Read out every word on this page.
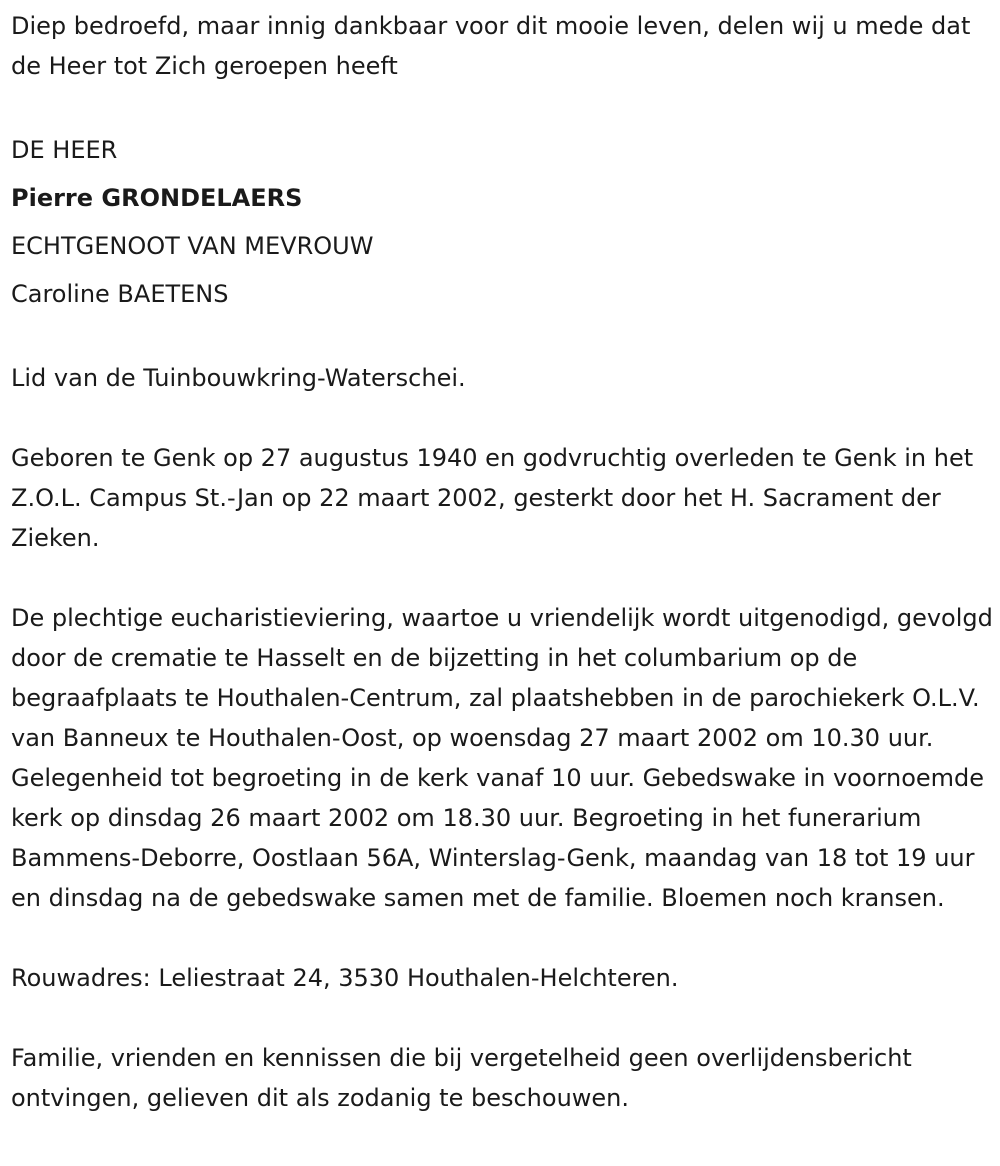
Diep bedroefd, maar innig dankbaar voor dit mooie leven, delen wij u mede dat de Heer tot Zich geroepen heeft

DE HEER

Pierre GRONDELAERS

ECHTGENOOT VAN MEVROUW

Caroline BAETENS

Lid van de Tuinbouwkring-Waterschei.

Geboren te Genk op 27 augustus 1940 en godvruchtig overleden te Genk in het Z.O.L. Campus St.-Jan op 22 maart 2002, gesterkt door het H. Sacrament der Zieken.

De plechtige eucharistieviering, waartoe u vriendelijk wordt uitgenodigd, gevolgd door de crematie te Hasselt en de bijzetting in het columbarium op de begraafplaats te Houthalen-Centrum, zal plaatshebben in de parochiekerk O.L.V. van Banneux te Houthalen-Oost, op woensdag 27 maart 2002 om 10.30 uur. Gelegenheid tot begroeting in de kerk vanaf 10 uur. Gebedswake in voornoemde kerk op dinsdag 26 maart 2002 om 18.30 uur. Begroeting in het funerarium Bammens-Deborre, Oostlaan 56A, Winterslag-Genk, maandag van 18 tot 19 uur en dinsdag na de gebedswake samen met de familie. Bloemen noch kransen.

Rouwadres: Leliestraat 24, 3530 Houthalen-Helchteren.

Familie, vrienden en kennissen die bij vergetelheid geen overlijdensbericht ontvingen, gelieven dit als zodanig te beschouwen.
